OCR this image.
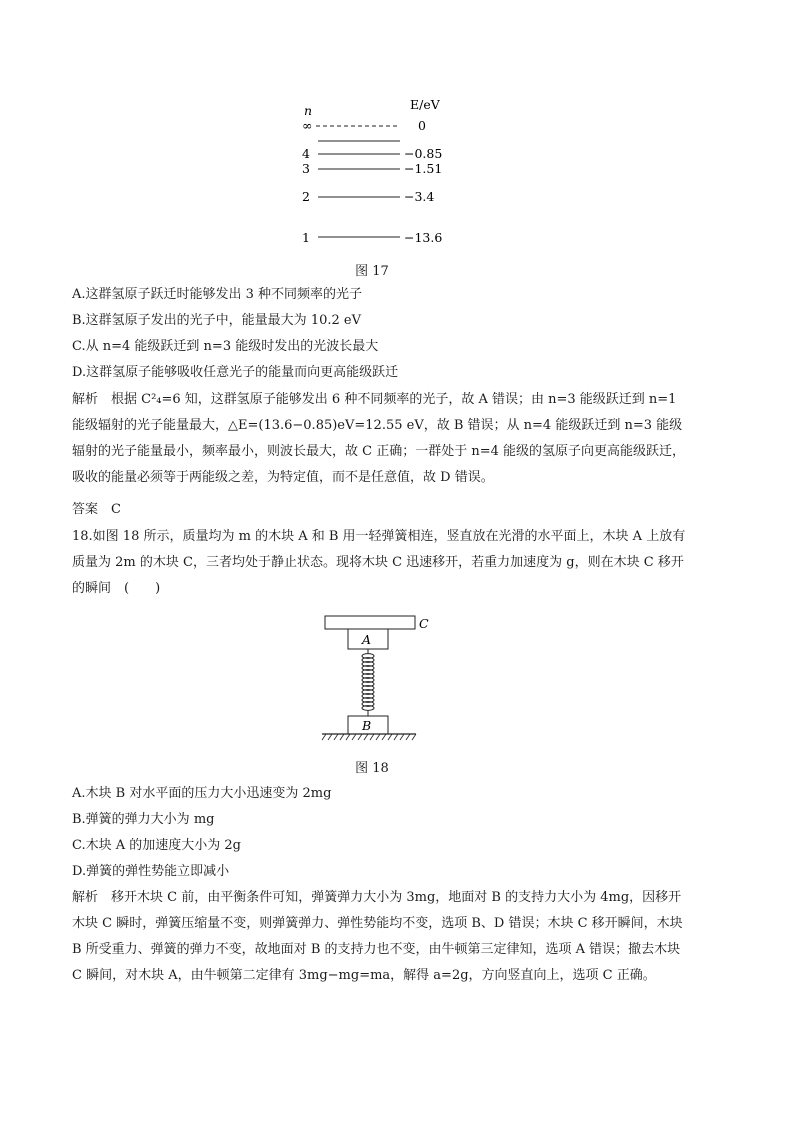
n	E/eV
∞	0
4	−0.85
3	−1.51
2	−3.4
1	−13.6
图 17
A.这群氢原子跃迁时能够发出 3 种不同频率的光子
B.这群氢原子发出的光子中，能量最大为 10.2 eV
C.从 n=4 能级跃迁到 n=3 能级时发出的光波长最大
D.这群氢原子能够吸收任意光子的能量而向更高能级跃迁
解析　根据 C²₄=6 知，这群氢原子能够发出 6 种不同频率的光子，故 A 错误；由 n=3 能级跃迁到 n=1 能级辐射的光子能量最大，△E=(13.6−0.85)eV=12.55 eV，故 B 错误；从 n=4 能级跃迁到 n=3 能级辐射的光子能量最小，频率最小，则波长最大，故 C 正确；一群处于 n=4 能级的氢原子向更高能级跃迁，吸收的能量必须等于两能级之差，为特定值，而不是任意值，故 D 错误。
答案　C
18.如图 18 所示，质量均为 m 的木块 A 和 B 用一轻弹簧相连，竖直放在光滑的水平面上，木块 A 上放有质量为 2m 的木块 C，三者均处于静止状态。现将木块 C 迅速移开，若重力加速度为 g，则在木块 C 移开的瞬间　(　　)
C
A
B
图 18
A.木块 B 对水平面的压力大小迅速变为 2mg
B.弹簧的弹力大小为 mg
C.木块 A 的加速度大小为 2g
D.弹簧的弹性势能立即减小
解析　移开木块 C 前，由平衡条件可知，弹簧弹力大小为 3mg，地面对 B 的支持力大小为 4mg，因移开木块 C 瞬时，弹簧压缩量不变，则弹簧弹力、弹性势能均不变，选项 B、D 错误；木块 C 移开瞬间，木块 B 所受重力、弹簧的弹力不变，故地面对 B 的支持力也不变，由牛顿第三定律知，选项 A 错误；撤去木块 C 瞬间，对木块 A，由牛顿第二定律有 3mg−mg=ma，解得 a=2g，方向竖直向上，选项 C 正确。
